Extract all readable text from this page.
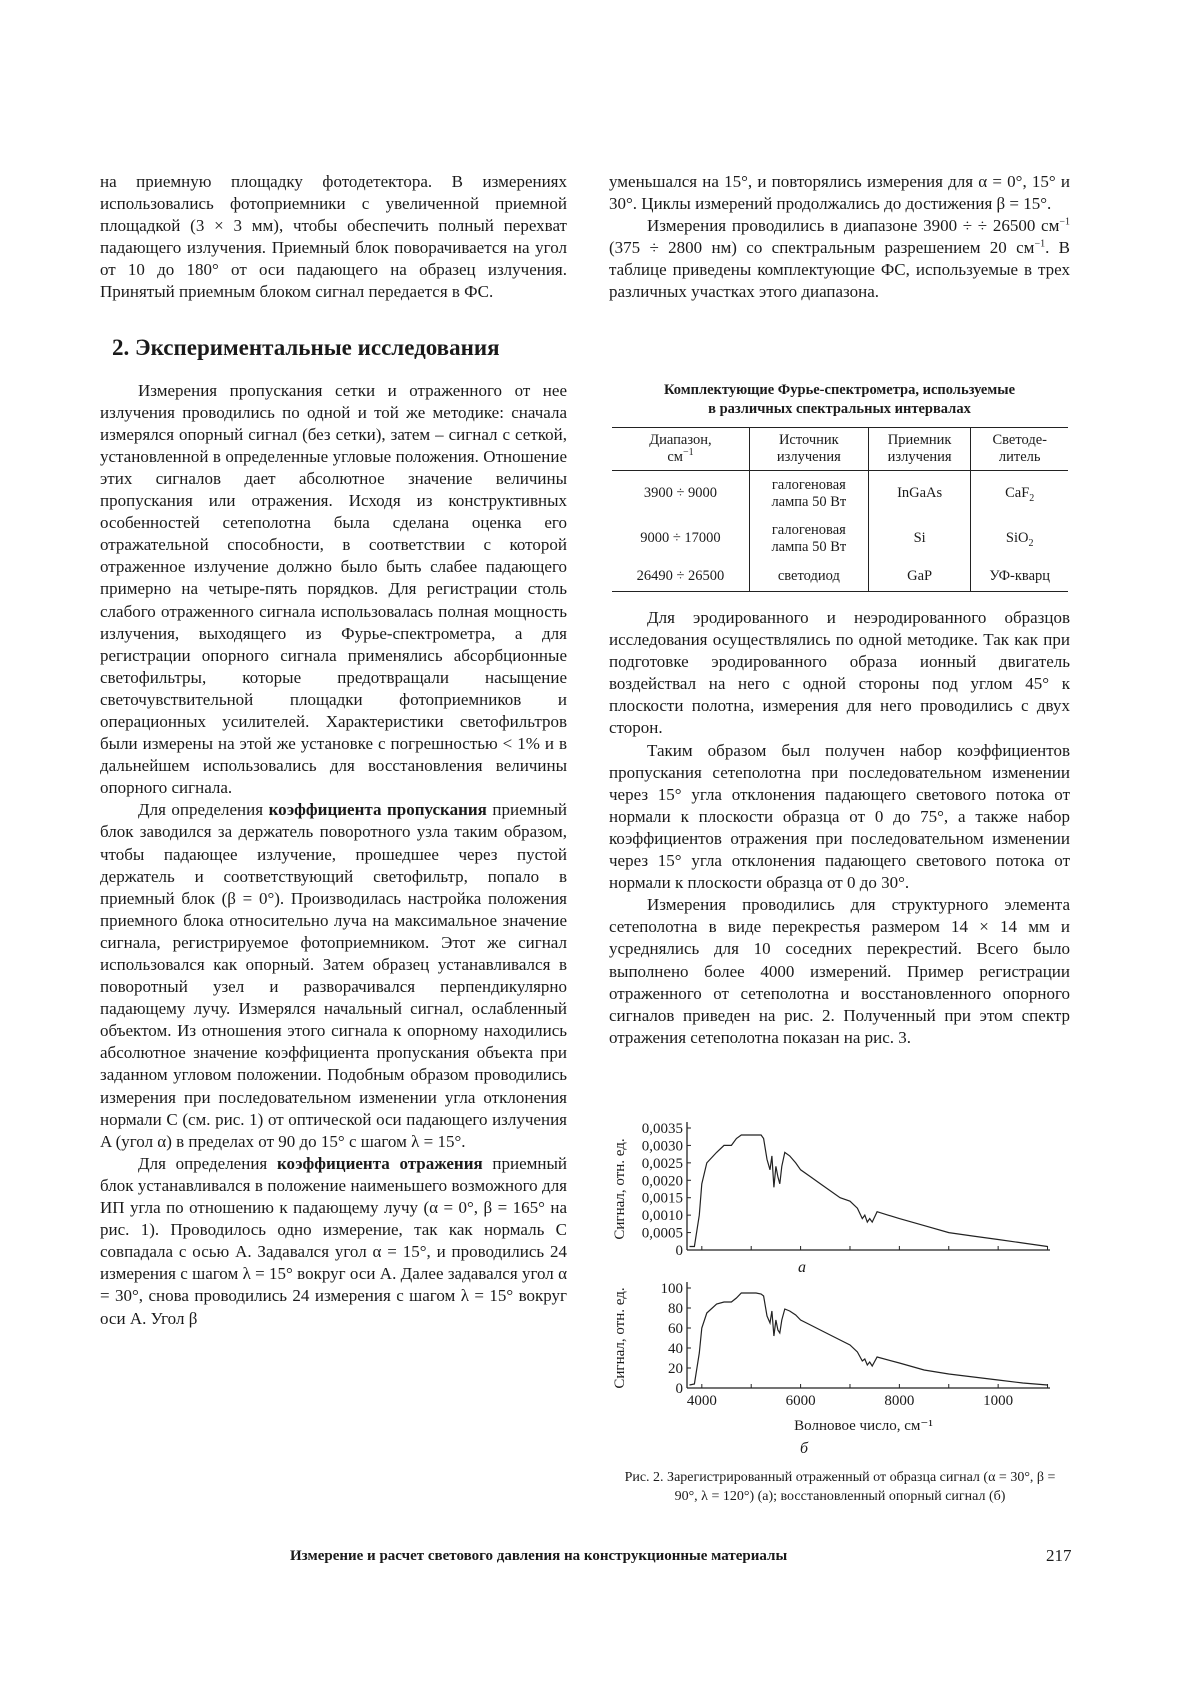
на приемную площадку фотодетектора. В измерениях использовались фотоприемники с увеличенной приемной площадкой (3 × 3 мм), чтобы обеспечить полный перехват падающего излучения. Приемный блок поворачивается на угол от 10 до 180° от оси падающего на образец излучения. Принятый приемным блоком сигнал передается в ФС.

2. Экспериментальные исследования

Измерения пропускания сетки и отраженного от нее излучения проводились по одной и той же методике: сначала измерялся опорный сигнал (без сетки), затем – сигнал с сеткой, установленной в определенные угловые положения. Отношение этих сигналов дает абсолютное значение величины пропускания или отражения. Исходя из конструктивных особенностей сетеполотна была сделана оценка его отражательной способности, в соответствии с которой отраженное излучение должно было быть слабее падающего примерно на четыре-пять порядков. Для регистрации столь слабого отраженного сигнала использовалась полная мощность излучения, выходящего из Фурье-спектрометра, а для регистрации опорного сигнала применялись абсорбционные светофильтры, которые предотвращали насыщение светочувствительной площадки фотоприемников и операционных усилителей. Характеристики светофильтров были измерены на этой же установке с погрешностью < 1% и в дальнейшем использовались для восстановления величины опорного сигнала.

Для определения коэффициента пропускания приемный блок заводился за держатель поворотного узла таким образом, чтобы падающее излучение, прошедшее через пустой держатель и соответствующий светофильтр, попало в приемный блок (β = 0°). Производилась настройка положения приемного блока относительно луча на максимальное значение сигнала, регистрируемое фотоприемником. Этот же сигнал использовался как опорный. Затем образец устанавливался в поворотный узел и разворачивался перпендикулярно падающему лучу. Измерялся начальный сигнал, ослабленный объектом. Из отношения этого сигнала к опорному находились абсолютное значение коэффициента пропускания объекта при заданном угловом положении. Подобным образом проводились измерения при последовательном изменении угла отклонения нормали C (см. рис. 1) от оптической оси падающего излучения A (угол α) в пределах от 90 до 15° с шагом λ = 15°.

Для определения коэффициента отражения приемный блок устанавливался в положение наименьшего возможного для ИП угла по отношению к падающему лучу (α = 0°, β = 165° на рис. 1). Проводилось одно измерение, так как нормаль C совпадала с осью A. Задавался угол α = 15°, и проводились 24 измерения с шагом λ = 15° вокруг оси A. Далее задавался угол α = 30°, снова проводились 24 измерения с шагом λ = 15° вокруг оси A. Угол β

уменьшался на 15°, и повторялись измерения для α = 0°, 15° и 30°. Циклы измерений продолжались до достижения β = 15°.

Измерения проводились в диапазоне 3900 ÷ ÷ 26500 см−1 (375 ÷ 2800 нм) со спектральным разрешением 20 см−1. В таблице приведены комплектующие ФС, используемые в трех различных участках этого диапазона.

Комплектующие Фурье-спектрометра, используемые
в различных спектральных интервалах
Диапазон,
см−1	Источник
излучения	Приемник
излучения	Светоде-
литель
3900 ÷ 9000	галогеновая
лампа 50 Вт	InGaAs	CaF2
9000 ÷ 17000	галогеновая
лампа 50 Вт	Si	SiO2
26490 ÷ 26500	светодиод	GaP	УФ-кварц

Для эродированного и неэродированного образцов исследования осуществлялись по одной методике. Так как при подготовке эродированного образа ионный двигатель воздействал на него с одной стороны под углом 45° к плоскости полотна, измерения для него проводились с двух сторон.

Таким образом был получен набор коэффициентов пропускания сетеполотна при последовательном изменении через 15° угла отклонения падающего светового потока от нормали к плоскости образца от 0 до 75°, а также набор коэффициентов отражения при последовательном изменении через 15° угла отклонения падающего светового потока от нормали к плоскости образца от 0 до 30°.

Измерения проводились для структурного элемента сетеполотна в виде перекрестья размером 14 × 14 мм и усреднялись для 10 соседних перекрестий. Всего было выполнено более 4000 измерений. Пример регистрации отраженного от сетеполотна и восстановленного опорного сигналов приведен на рис. 2. Полученный при этом спектр отражения сетеполотна показан на рис. 3.

0
0,0005
0,0010
0,0015
0,0020
0,0025
0,0030
0,0035
Сигнал, отн. ед.
а
0
20
40
60
80
100
4000	6000	8000	1000
Сигнал, отн. ед.
Волновое число, см⁻¹
б
Рис. 2. Зарегистрированный отраженный от образца сигнал (α = 30°, β = 90°, λ = 120°) (а); восстановленный опорный сигнал (б)
Измерение и расчет светового давления на конструкционные материалы	217
